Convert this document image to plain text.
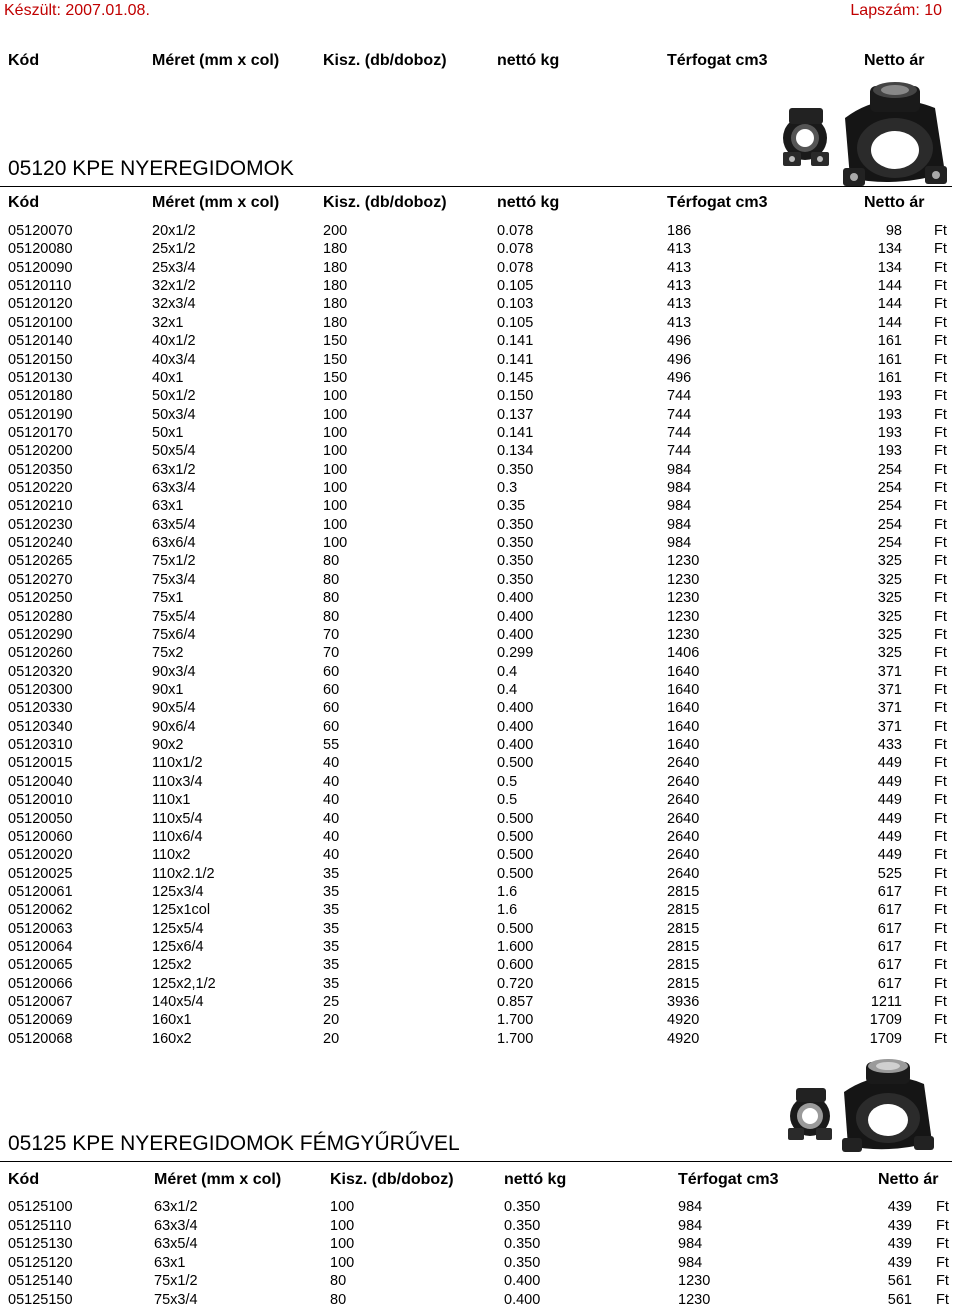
Készült: 2007.01.08.	Lapszám: 10
Kód	Méret (mm x col)	Kisz. (db/doboz)	nettó kg	Térfogat cm3	Netto ár
05120 KPE NYEREGIDOMOK
Kód	Méret (mm x col)	Kisz. (db/doboz)	nettó kg	Térfogat cm3	Netto ár
05120070	20x1/2	200	0.078	186	98 Ft
05120080	25x1/2	180	0.078	413	134 Ft
05120090	25x3/4	180	0.078	413	134 Ft
05120110	32x1/2	180	0.105	413	144 Ft
05120120	32x3/4	180	0.103	413	144 Ft
05120100	32x1	180	0.105	413	144 Ft
05120140	40x1/2	150	0.141	496	161 Ft
05120150	40x3/4	150	0.141	496	161 Ft
05120130	40x1	150	0.145	496	161 Ft
05120180	50x1/2	100	0.150	744	193 Ft
05120190	50x3/4	100	0.137	744	193 Ft
05120170	50x1	100	0.141	744	193 Ft
05120200	50x5/4	100	0.134	744	193 Ft
05120350	63x1/2	100	0.350	984	254 Ft
05120220	63x3/4	100	0.3	984	254 Ft
05120210	63x1	100	0.35	984	254 Ft
05120230	63x5/4	100	0.350	984	254 Ft
05120240	63x6/4	100	0.350	984	254 Ft
05120265	75x1/2	80	0.350	1230	325 Ft
05120270	75x3/4	80	0.350	1230	325 Ft
05120250	75x1	80	0.400	1230	325 Ft
05120280	75x5/4	80	0.400	1230	325 Ft
05120290	75x6/4	70	0.400	1230	325 Ft
05120260	75x2	70	0.299	1406	325 Ft
05120320	90x3/4	60	0.4	1640	371 Ft
05120300	90x1	60	0.4	1640	371 Ft
05120330	90x5/4	60	0.400	1640	371 Ft
05120340	90x6/4	60	0.400	1640	371 Ft
05120310	90x2	55	0.400	1640	433 Ft
05120015	110x1/2	40	0.500	2640	449 Ft
05120040	110x3/4	40	0.5	2640	449 Ft
05120010	110x1	40	0.5	2640	449 Ft
05120050	110x5/4	40	0.500	2640	449 Ft
05120060	110x6/4	40	0.500	2640	449 Ft
05120020	110x2	40	0.500	2640	449 Ft
05120025	110x2.1/2	35	0.500	2640	525 Ft
05120061	125x3/4	35	1.6	2815	617 Ft
05120062	125x1col	35	1.6	2815	617 Ft
05120063	125x5/4	35	0.500	2815	617 Ft
05120064	125x6/4	35	1.600	2815	617 Ft
05120065	125x2	35	0.600	2815	617 Ft
05120066	125x2,1/2	35	0.720	2815	617 Ft
05120067	140x5/4	25	0.857	3936	1211 Ft
05120069	160x1	20	1.700	4920	1709 Ft
05120068	160x2	20	1.700	4920	1709 Ft
05125 KPE NYEREGIDOMOK FÉMGYŰRŰVEL
Kód	Méret (mm x col)	Kisz. (db/doboz)	nettó kg	Térfogat cm3	Netto ár
05125100	63x1/2	100	0.350	984	439 Ft
05125110	63x3/4	100	0.350	984	439 Ft
05125130	63x5/4	100	0.350	984	439 Ft
05125120	63x1	100	0.350	984	439 Ft
05125140	75x1/2	80	0.400	1230	561 Ft
05125150	75x3/4	80	0.400	1230	561 Ft
